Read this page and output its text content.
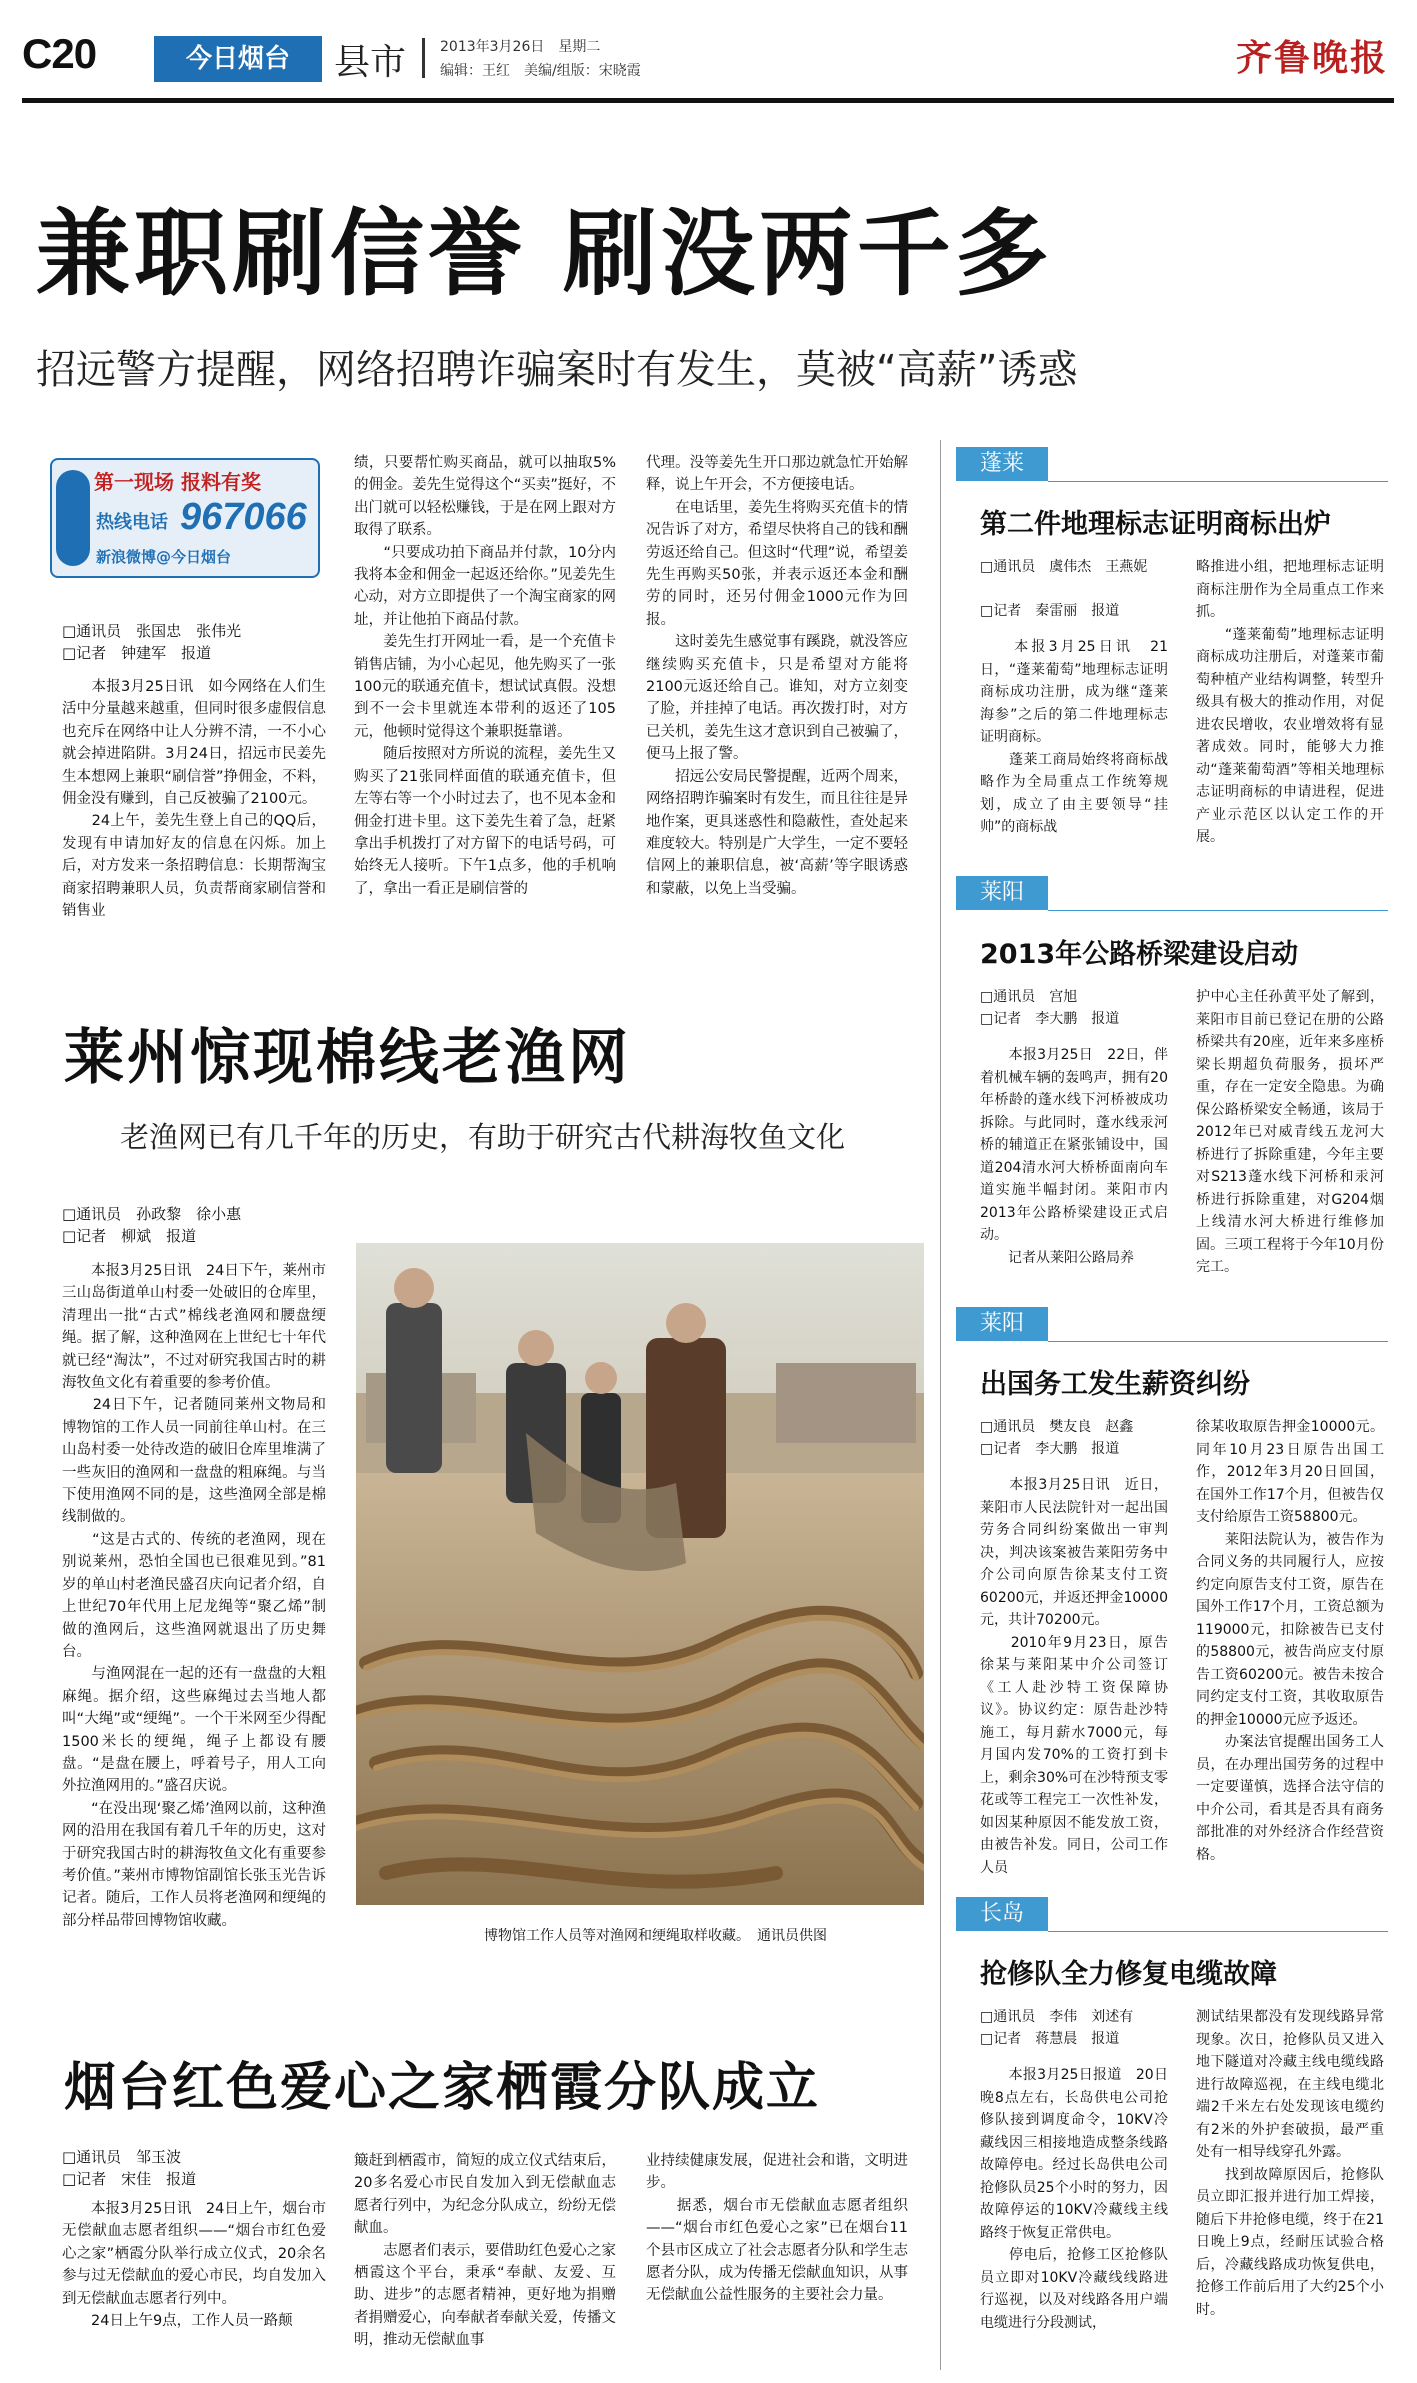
C20	今日烟台	县市 2013年3月26日　星期二
编辑：王红　美编/组版：宋晓霞	齐鲁晚报
兼职刷信誉 刷没两千多
招远警方提醒，网络招聘诈骗案时有发生，莫被“高薪”诱惑
第一现场 报料有奖
热线电话 967066
新浪微博@今日烟台
□通讯员　张国忠　张伟光
□记者　钟建军　报道
　　本报3月25日讯　如今网络在人们生活中分量越来越重，但同时很多虚假信息也充斥在网络中让人分辨不清，一不小心就会掉进陷阱。3月24日，招远市民姜先生本想网上兼职“刷信誉”挣佣金，不料，佣金没有赚到，自己反被骗了2100元。
　　24上午，姜先生登上自己的QQ后，发现有申请加好友的信息在闪烁。加上后，对方发来一条招聘信息：长期帮淘宝商家招聘兼职人员，负责帮商家刷信誉和销售业
绩，只要帮忙购买商品，就可以抽取5%的佣金。姜先生觉得这个“买卖”挺好，不出门就可以轻松赚钱，于是在网上跟对方取得了联系。
　　“只要成功拍下商品并付款，10分内我将本金和佣金一起返还给你。”见姜先生心动，对方立即提供了一个淘宝商家的网址，并让他拍下商品付款。
　　姜先生打开网址一看，是一个充值卡销售店铺，为小心起见，他先购买了一张100元的联通充值卡，想试试真假。没想到不一会卡里就连本带利的返还了105元，他顿时觉得这个兼职挺靠谱。
　　随后按照对方所说的流程，姜先生又购买了21张同样面值的联通充值卡，但左等右等一个小时过去了，也不见本金和佣金打进卡里。这下姜先生着了急，赶紧拿出手机拨打了对方留下的电话号码，可始终无人接听。下午1点多，他的手机响了，拿出一看正是刷信誉的
代理。没等姜先生开口那边就急忙开始解释，说上午开会，不方便接电话。
　　在电话里，姜先生将购买充值卡的情况告诉了对方，希望尽快将自己的钱和酬劳返还给自己。但这时“代理”说，希望姜先生再购买50张，并表示返还本金和酬劳的同时，还另付佣金1000元作为回报。
　　这时姜先生感觉事有蹊跷，就没答应继续购买充值卡，只是希望对方能将2100元返还给自己。谁知，对方立刻变了脸，并挂掉了电话。再次拨打时，对方已关机，姜先生这才意识到自己被骗了，便马上报了警。
　　招远公安局民警提醒，近两个周来，网络招聘诈骗案时有发生，而且往往是异地作案，更具迷惑性和隐蔽性，查处起来难度较大。特别是广大学生，一定不要轻信网上的兼职信息，被‘高薪’等字眼诱惑和蒙蔽，以免上当受骗。
莱州惊现棉线老渔网
老渔网已有几千年的历史，有助于研究古代耕海牧鱼文化
□通讯员　孙政黎　徐小惠
□记者　柳斌　报道
　　本报3月25日讯　24日下午，莱州市三山岛街道单山村委一处破旧的仓库里，清理出一批“古式”棉线老渔网和腰盘绠绳。据了解，这种渔网在上世纪七十年代就已经“淘汰”，不过对研究我国古时的耕海牧鱼文化有着重要的参考价值。
　　24日下午，记者随同莱州文物局和博物馆的工作人员一同前往单山村。在三山岛村委一处待改造的破旧仓库里堆满了一些灰旧的渔网和一盘盘的粗麻绳。与当下使用渔网不同的是，这些渔网全部是棉线制做的。
　　“这是古式的、传统的老渔网，现在别说莱州，恐怕全国也已很难见到。”81岁的单山村老渔民盛召庆向记者介绍，自上世纪70年代用上尼龙绳等“聚乙烯”制做的渔网后，这些渔网就退出了历史舞台。
　　与渔网混在一起的还有一盘盘的大粗麻绳。据介绍，这些麻绳过去当地人都叫“大绳”或“绠绳”。一个干米网至少得配1500米长的绠绳，绳子上都设有腰盘。“是盘在腰上，呼着号子，用人工向外拉渔网用的。”盛召庆说。
　　“在没出现‘聚乙烯’渔网以前，这种渔网的沿用在我国有着几千年的历史，这对于研究我国古时的耕海牧鱼文化有重要参考价值。”莱州市博物馆副馆长张玉光告诉记者。随后，工作人员将老渔网和绠绳的部分样品带回博物馆收藏。
博物馆工作人员等对渔网和绠绳取样收藏。　通讯员供图
烟台红色爱心之家栖霞分队成立
□通讯员　邹玉波
□记者　宋佳　报道
　　本报3月25日讯　24日上午，烟台市无偿献血志愿者组织——“烟台市红色爱心之家”栖霞分队举行成立仪式，20余名参与过无偿献血的爱心市民，均自发加入到无偿献血志愿者行列中。
　　24日上午9点，工作人员一路颠
簸赶到栖霞市，简短的成立仪式结束后，20多名爱心市民自发加入到无偿献血志愿者行列中，为纪念分队成立，纷纷无偿献血。
　　志愿者们表示，要借助红色爱心之家栖霞这个平台，秉承“奉献、友爱、互助、进步”的志愿者精神，更好地为捐赠者捐赠爱心，向奉献者奉献关爱，传播文明，推动无偿献血事
业持续健康发展，促进社会和谐，文明进步。
　　据悉，烟台市无偿献血志愿者组织——“烟台市红色爱心之家”已在烟台11个县市区成立了社会志愿者分队和学生志愿者分队，成为传播无偿献血知识，从事无偿献血公益性服务的主要社会力量。
蓬莱
第二件地理标志证明商标出炉
□通讯员　虞伟杰　王燕妮
□记者　秦雷丽　报道
　　本报3月25日讯　21日，“蓬莱葡萄”地理标志证明商标成功注册，成为继“蓬莱海参”之后的第二件地理标志证明商标。
　　蓬莱工商局始终将商标战略作为全局重点工作统筹规划，成立了由主要领导“挂帅”的商标战
略推进小组，把地理标志证明商标注册作为全局重点工作来抓。
　　“蓬莱葡萄”地理标志证明商标成功注册后，对蓬莱市葡萄种植产业结构调整，转型升级具有极大的推动作用，对促进农民增收，农业增效将有显著成效。同时，能够大力推动“蓬莱葡萄酒”等相关地理标志证明商标的申请进程，促进产业示范区以认定工作的开展。
莱阳
2013年公路桥梁建设启动
□通讯员　宫旭
□记者　李大鹏　报道
　　本报3月25日　22日，伴着机械车辆的轰鸣声，拥有20年桥龄的蓬水线下河桥被成功拆除。与此同时，蓬水线汞河桥的辅道正在紧张铺设中，国道204清水河大桥桥面南向车道实施半幅封闭。莱阳市内2013年公路桥梁建设正式启动。
　　记者从莱阳公路局养
护中心主任孙黄平处了解到，莱阳市目前已登记在册的公路桥梁共有20座，近年来多座桥梁长期超负荷服务，损坏严重，存在一定安全隐患。为确保公路桥梁安全畅通，该局于2012年已对威青线五龙河大桥进行了拆除重建，今年主要对S213蓬水线下河桥和汞河桥进行拆除重建，对G204烟上线清水河大桥进行维修加固。三项工程将于今年10月份完工。
莱阳
出国务工发生薪资纠纷
□通讯员　樊友良　赵鑫
□记者　李大鹏　报道
　　本报3月25日讯　近日，莱阳市人民法院针对一起出国劳务合同纠纷案做出一审判决，判决该案被告莱阳劳务中介公司向原告徐某支付工资60200元，并返还押金10000元，共计70200元。
　　2010年9月23日，原告徐某与莱阳某中介公司签订《工人赴沙特工资保障协议》。协议约定：原告赴沙特施工，每月薪水7000元，每月国内发70%的工资打到卡上，剩余30%可在沙特预支零花或等工程完工一次性补发，如因某种原因不能发放工资，由被告补发。同日，公司工作人员
徐某收取原告押金10000元。同年10月23日原告出国工作，2012年3月20日回国，在国外工作17个月，但被告仅支付给原告工资58800元。
　　莱阳法院认为，被告作为合同义务的共同履行人，应按约定向原告支付工资，原告在国外工作17个月，工资总额为119000元，扣除被告已支付的58800元，被告尚应支付原告工资60200元。被告未按合同约定支付工资，其收取原告的押金10000元应予返还。
　　办案法官提醒出国务工人员，在办理出国劳务的过程中一定要谨慎，选择合法守信的中介公司，看其是否具有商务部批准的对外经济合作经营资格。
长岛
抢修队全力修复电缆故障
□通讯员　李伟　刘述有
□记者　蒋慧晨　报道
　　本报3月25日报道　20日晚8点左右，长岛供电公司抢修队接到调度命令，10KV冷藏线因三相接地造成整条线路故障停电。经过长岛供电公司抢修队员25个小时的努力，因故障停运的10KV冷藏线主线路终于恢复正常供电。
　　停电后，抢修工区抢修队员立即对10KV冷藏线线路进行巡视，以及对线路各用户端电缆进行分段测试，
测试结果都没有发现线路异常现象。次日，抢修队员又进入地下隧道对冷藏主线电缆线路进行故障巡视，在主线电缆北端2千米左右处发现该电缆约有2米的外护套破损，最严重处有一相导线穿孔外露。
　　找到故障原因后，抢修队员立即汇报并进行加工焊接，随后下井抢修电缆，终于在21日晚上9点，经耐压试验合格后，冷藏线路成功恢复供电，抢修工作前后用了大约25个小时。
